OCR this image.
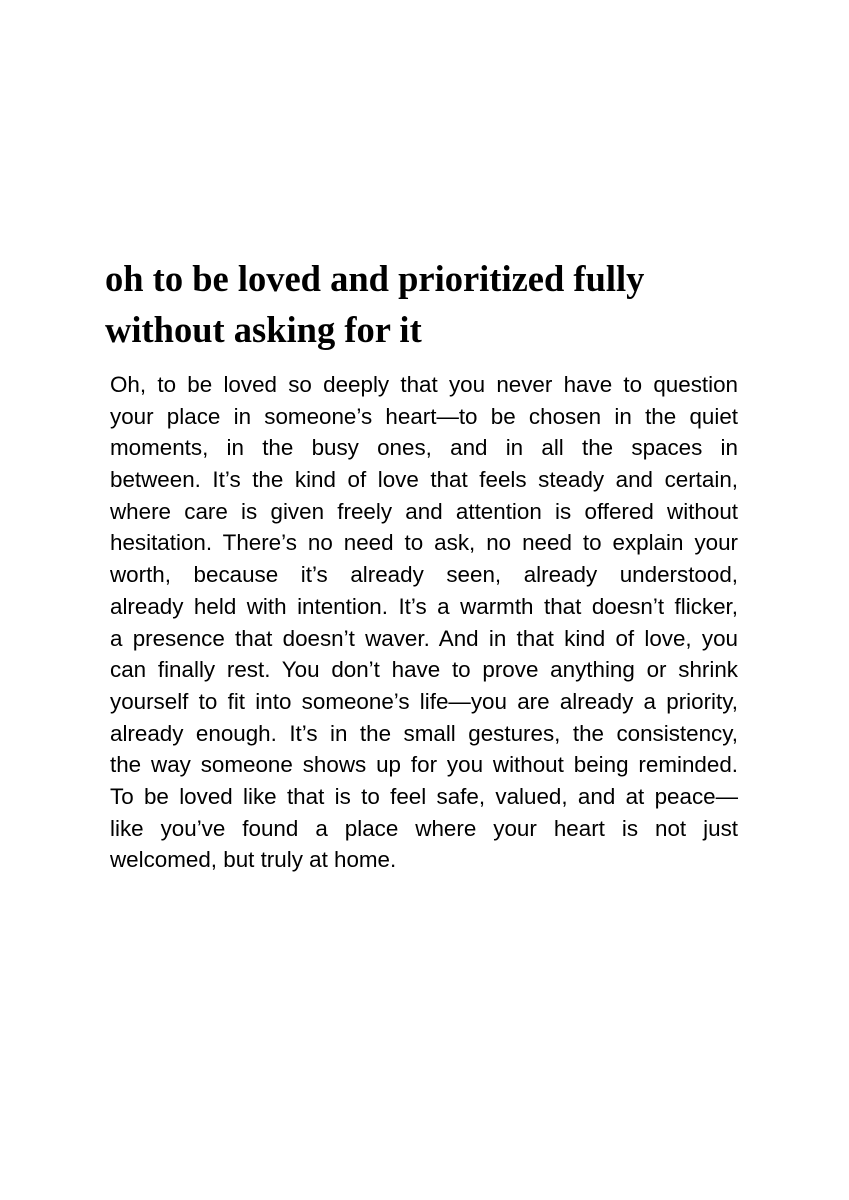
oh to be loved and prioritized fully
without asking for it
Oh, to be loved so deeply that you never have to question
your place in someone’s heart—to be chosen in the quiet
moments, in the busy ones, and in all the spaces in
between. It’s the kind of love that feels steady and certain,
where care is given freely and attention is offered without
hesitation. There’s no need to ask, no need to explain your
worth, because it’s already seen, already understood,
already held with intention. It’s a warmth that doesn’t flicker,
a presence that doesn’t waver. And in that kind of love, you
can finally rest. You don’t have to prove anything or shrink
yourself to fit into someone’s life—you are already a priority,
already enough. It’s in the small gestures, the consistency,
the way someone shows up for you without being reminded.
To be loved like that is to feel safe, valued, and at peace—
like you’ve found a place where your heart is not just
welcomed, but truly at home.
